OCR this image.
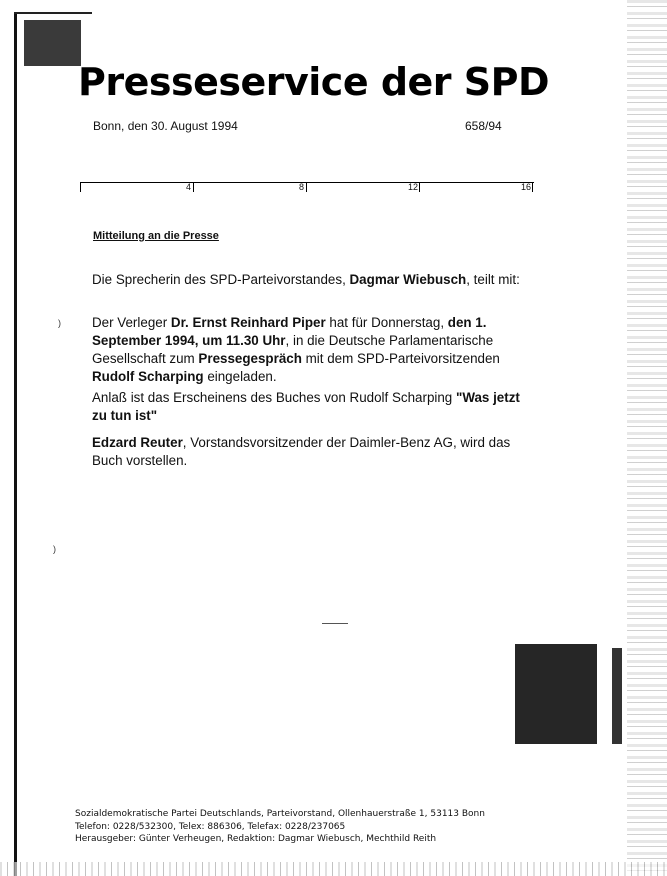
Presseservice der SPD
Bonn, den 30. August 1994	658/94
4	8	12	16
Mitteilung an die Presse
Die Sprecherin des SPD-Parteivorstandes, Dagmar Wiebusch, teilt mit:
Der Verleger Dr. Ernst Reinhard Piper hat für Donnerstag, den 1. September 1994, um 11.30 Uhr, in die Deutsche Parlamentarische Gesellschaft zum Pressegespräch mit dem SPD-Parteivorsitzenden Rudolf Scharping eingeladen.
Anlaß ist das Erscheinens des Buches von Rudolf Scharping "Was jetzt zu tun ist"
Edzard Reuter, Vorstandsvorsitzender der Daimler-Benz AG, wird das Buch vorstellen.
)
)
Sozialdemokratische Partei Deutschlands, Parteivorstand, Ollenhauerstraße 1, 53113 Bonn
Telefon: 0228/532300, Telex: 886306, Telefax: 0228/237065
Herausgeber: Günter Verheugen, Redaktion: Dagmar Wiebusch, Mechthild Reith
